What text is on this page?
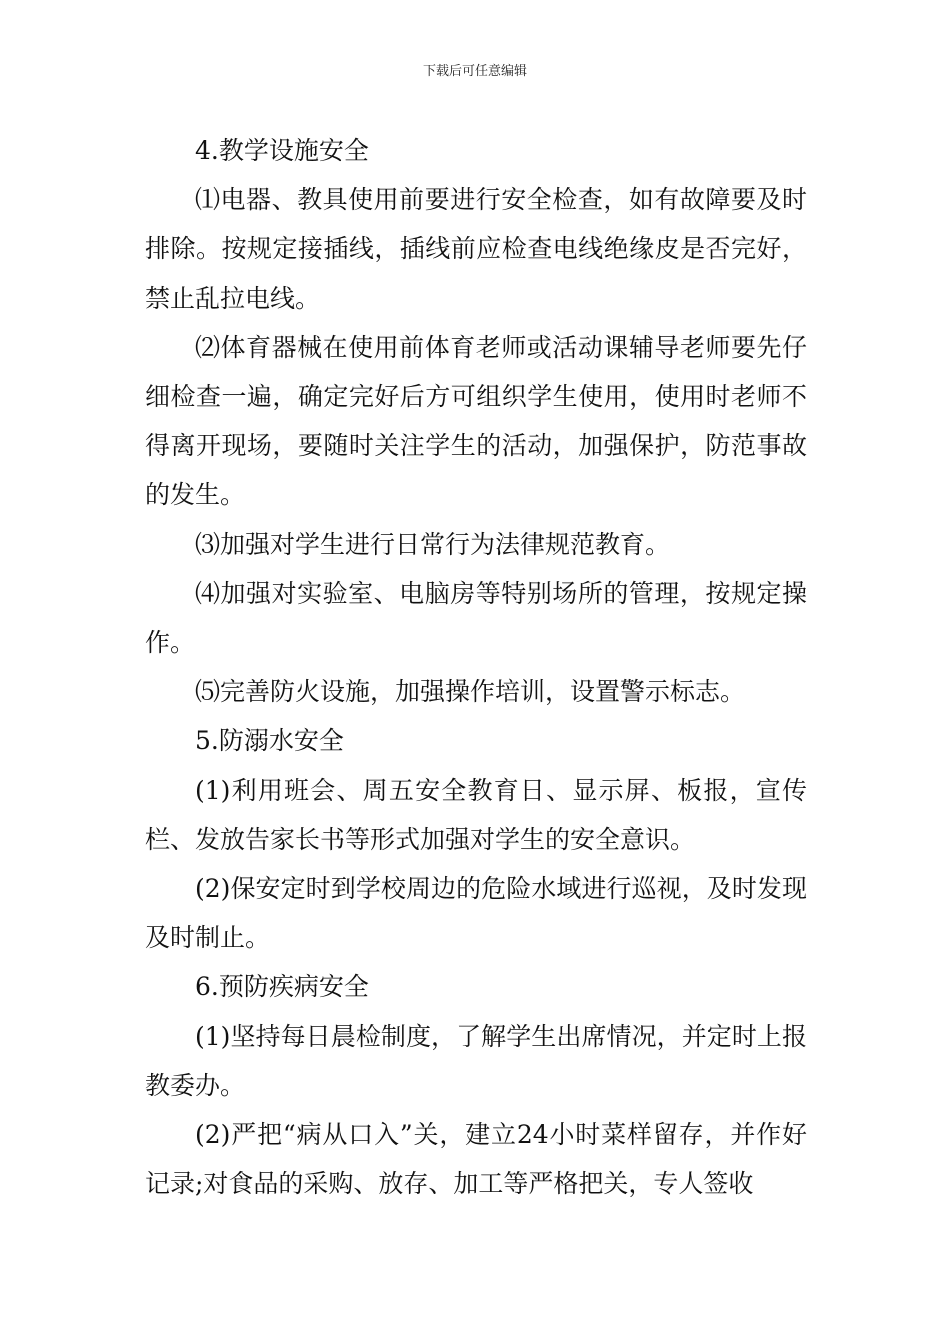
下载后可任意编辑

4.教学设施安全

⑴电器、教具使用前要进行安全检查，如有故障要及时排除。按规定接插线，插线前应检查电线绝缘皮是否完好，禁止乱拉电线。

⑵体育器械在使用前体育老师或活动课辅导老师要先仔细检查一遍，确定完好后方可组织学生使用，使用时老师不得离开现场，要随时关注学生的活动，加强保护，防范事故的发生。

⑶加强对学生进行日常行为法律规范教育。

⑷加强对实验室、电脑房等特别场所的管理，按规定操作。

⑸完善防火设施，加强操作培训，设置警示标志。

5.防溺水安全

(1)利用班会、周五安全教育日、显示屏、板报，宣传栏、发放告家长书等形式加强对学生的安全意识。

(2)保安定时到学校周边的危险水域进行巡视，及时发现及时制止。

6.预防疾病安全

(1)坚持每日晨检制度，了解学生出席情况，并定时上报教委办。

(2)严把“病从口入”关，建立24小时菜样留存，并作好记录;对食品的采购、放存、加工等严格把关，专人签收
